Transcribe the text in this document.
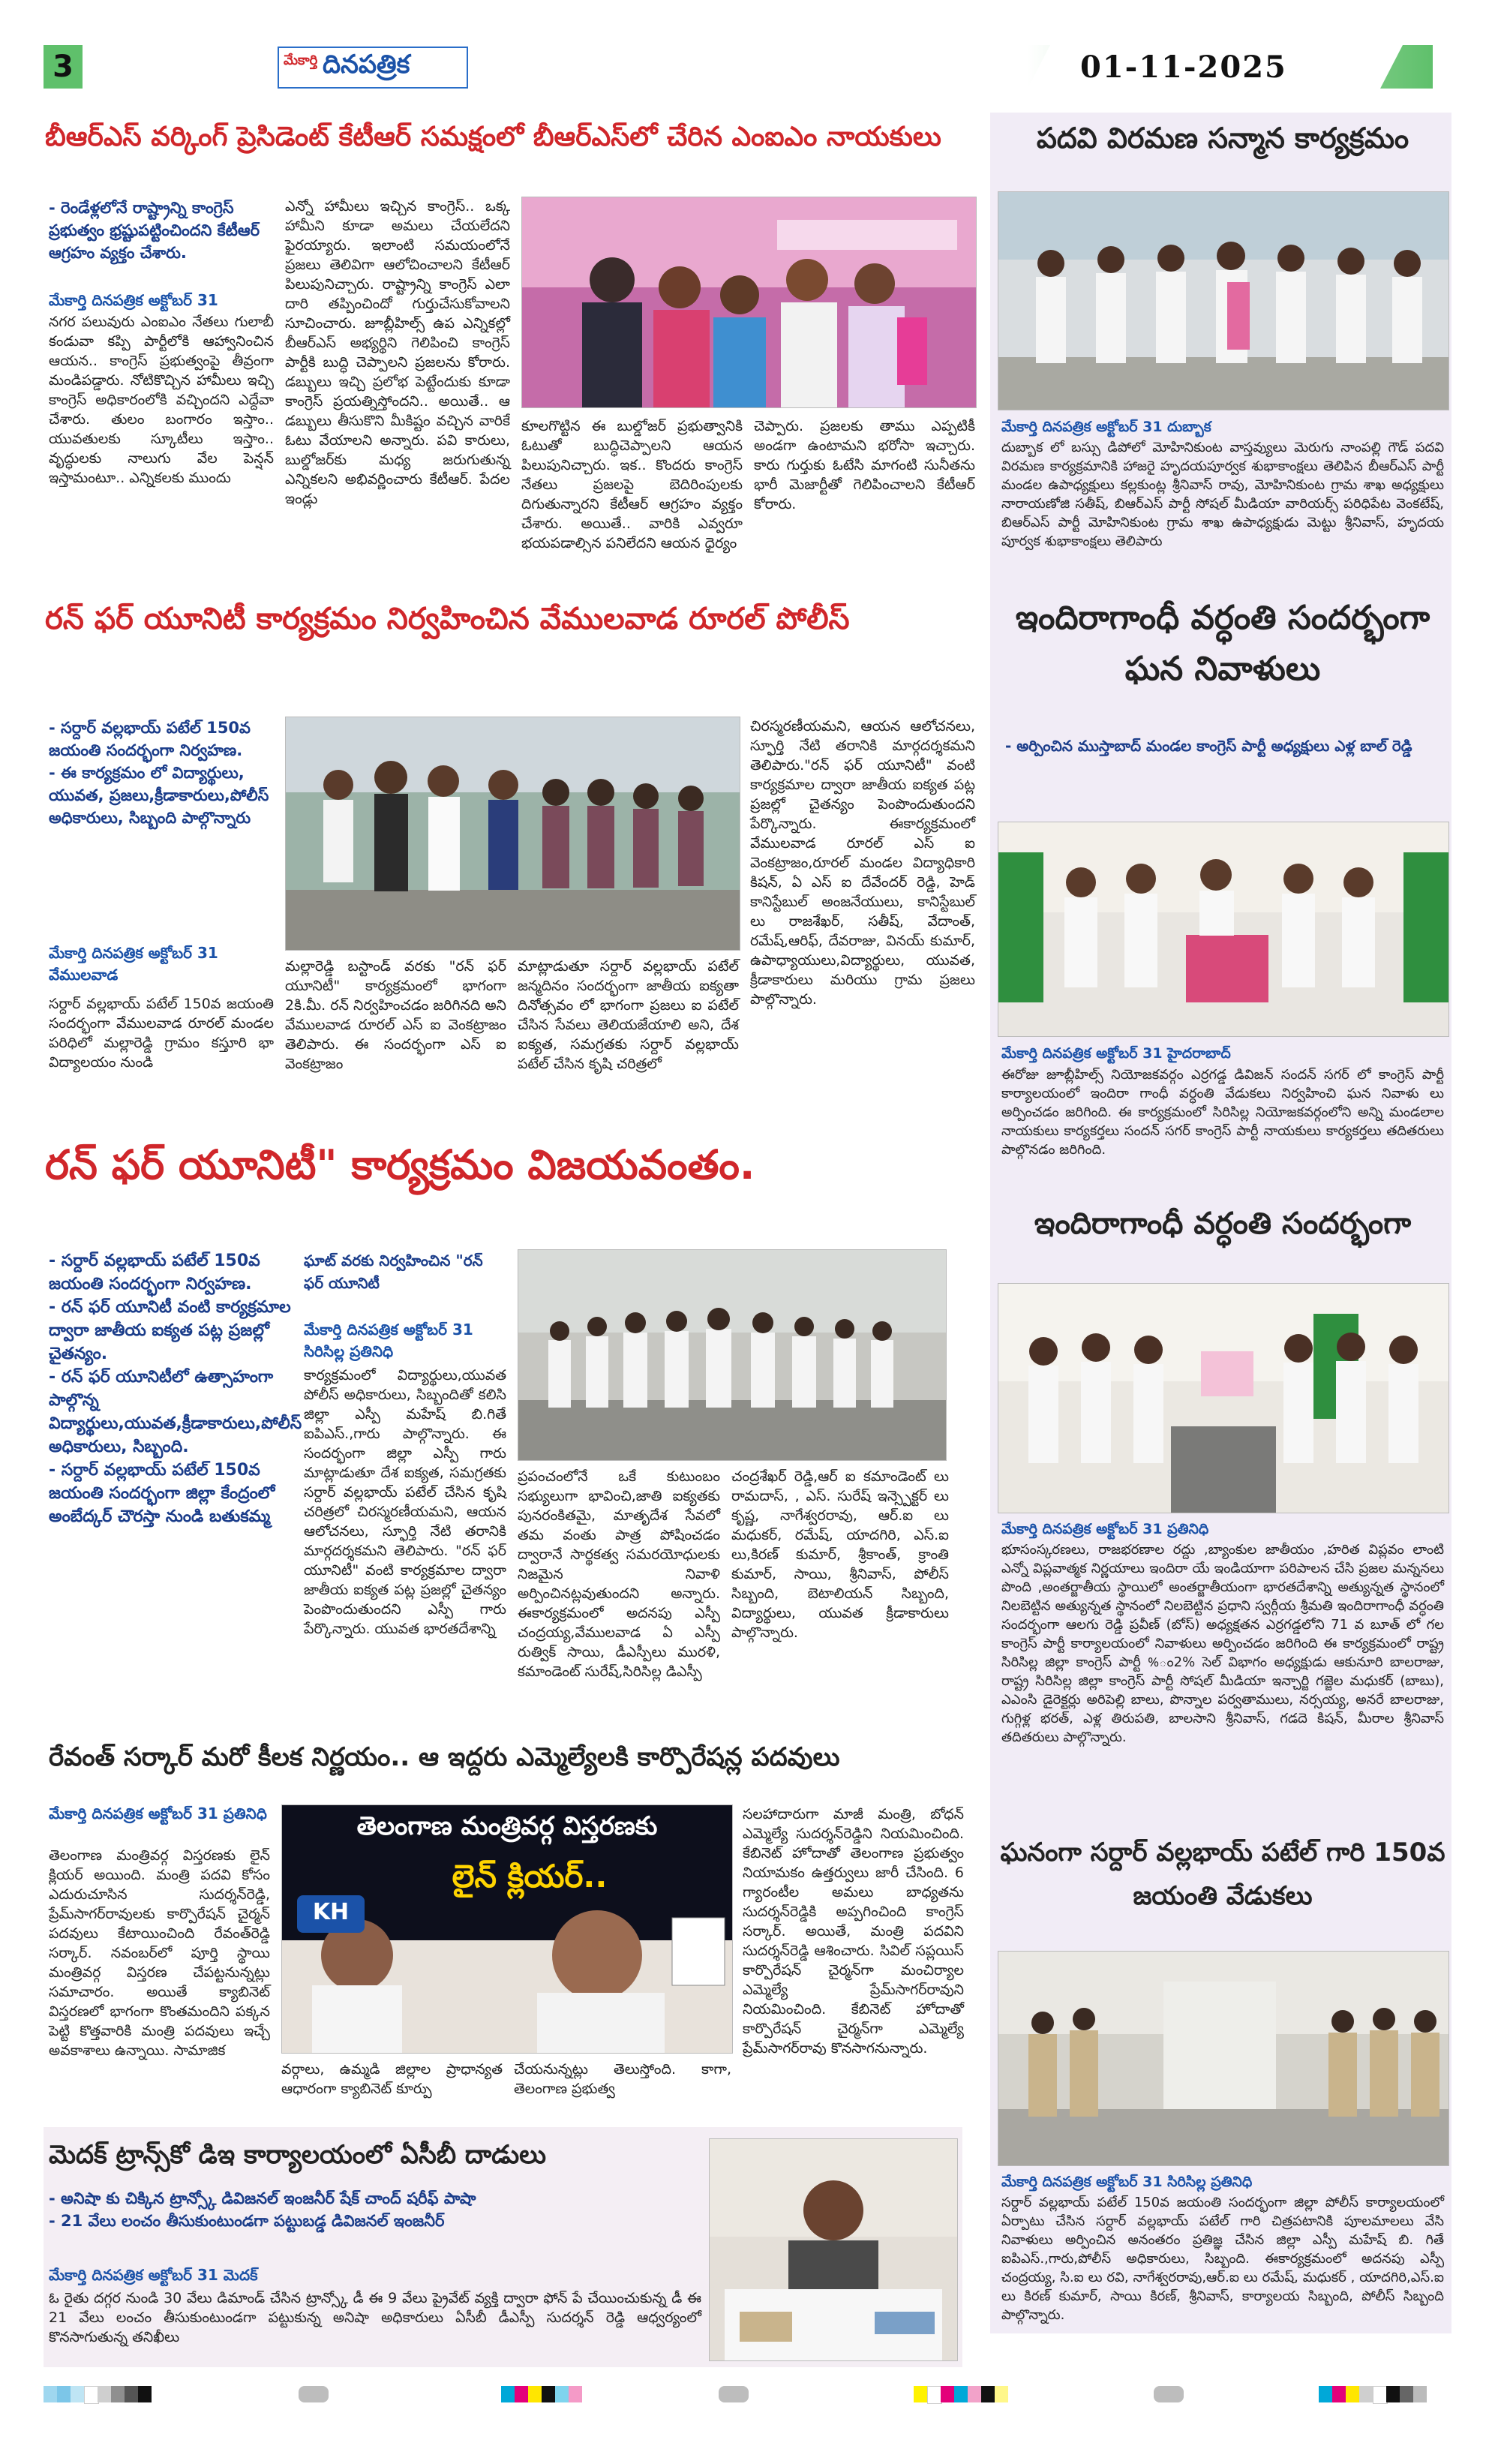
3	మేకార్తి దినపత్రిక	01-11-2025
బీఆర్ఎస్ వర్కింగ్ ప్రెసిడెంట్ కేటీఆర్ సమక్షంలో బీఆర్ఎస్‌లో చేరిన ఎంఐఎం నాయకులు
- రెండేళ్లలోనే రాష్ట్రాన్ని కాంగ్రెస్ ప్రభుత్వం భ్రష్టుపట్టించిందని కేటీఆర్ ఆగ్రహం వ్యక్తం చేశారు.
మేకార్తి దినపత్రిక అక్టోబర్ 31
నగర పలువురు ఎంఐఎం నేతలు గులాబీ కండువా కప్పి పార్టీలోకి ఆహ్వానించిన ఆయన.. కాంగ్రెస్ ప్రభుత్వంపై తీవ్రంగా మండిపడ్డారు. నోటికొచ్చిన హామీలు ఇచ్చి కాంగ్రెస్ అధికారంలోకి వచ్చిందని ఎద్దేవా చేశారు. తులం బంగారం ఇస్తాం.. యువతులకు స్కూటీలు ఇస్తాం.. వృద్ధులకు నాలుగు వేల పెన్షన్ ఇస్తామంటూ.. ఎన్నికలకు ముందు
ఎన్నో హామీలు ఇచ్చిన కాంగ్రెస్.. ఒక్క హామీని కూడా అమలు చేయలేదని ఫైరయ్యారు. ఇలాంటి సమయంలోనే ప్రజలు తెలివిగా ఆలోచించాలని కేటీఆర్ పిలుపునిచ్చారు. రాష్ట్రాన్ని కాంగ్రెస్ ఎలా దారి తప్పించిందో గుర్తుచేసుకోవాలని సూచించారు. జూబ్లీహిల్స్ ఉప ఎన్నికల్లో బీఆర్ఎస్ అభ్యర్థిని గెలిపించి కాంగ్రెస్ పార్టీకి బుద్ధి చెప్పాలని ప్రజలను కోరారు. డబ్బులు ఇచ్చి ప్రలోభ పెట్టేందుకు కూడా కాంగ్రెస్ ప్రయత్నిస్తోందని.. అయితే.. ఆ డబ్బులు తీసుకొని మీకిష్టం వచ్చిన వారికే ఓటు వేయాలని అన్నారు. పవి కారులు, బుల్డోజర్‌కు మధ్య జరుగుతున్న ఎన్నికలని అభివర్ణించారు కేటీఆర్. పేదల ఇండ్లు
కూలగొట్టిన ఈ బుల్డోజర్ ప్రభుత్వానికి ఓటుతో బుద్ధిచెప్పాలని ఆయన పిలుపునిచ్చారు. ఇక.. కొందరు కాంగ్రెస్ నేతలు ప్రజలపై బెదిరింపులకు దిగుతున్నారని కేటీఆర్ ఆగ్రహం వ్యక్తం చేశారు. అయితే.. వారికి ఎవ్వరూ భయపడాల్సిన పనిలేదని ఆయన ధైర్యం
చెప్పారు. ప్రజలకు తాము ఎప్పటికీ అండగా ఉంటామని భరోసా ఇచ్చారు. కారు గుర్తుకు ఓటేసి మాగంటి సునీతను భారీ మెజార్టీతో గెలిపించాలని కేటీఆర్ కోరారు.
రన్ ఫర్ యూనిటీ కార్యక్రమం నిర్వహించిన వేములవాడ రూరల్ పోలీస్
- సర్దార్ వల్లభాయ్ పటేల్ 150వ జయంతి సందర్భంగా నిర్వహణ.
- ఈ కార్యక్రమం లో విద్యార్థులు, యువత, ప్రజలు,క్రీడాకారులు,పోలీస్ అధికారులు, సిబ్బంది పాల్గొన్నారు
మేకార్తి దినపత్రిక అక్టోబర్ 31 వేములవాడ
సర్దార్ వల్లభాయ్ పటేల్ 150వ జయంతి సందర్భంగా వేములవాడ రూరల్ మండల పరిధిలో మల్లారెడ్డి గ్రామం కస్తూరి భా విద్యాలయం నుండి
మల్లారెడ్డి బస్టాండ్ వరకు "రన్ ఫర్ యూనిటీ" కార్యక్రమంలో భాగంగా 2కి.మీ. రన్ నిర్వహించడం జరిగినది అని వేములవాడ రూరల్ ఎస్ ఐ వెంకట్రాజం తెలిపారు. ఈ సందర్భంగా ఎస్ ఐ వెంకట్రాజం
మాట్లాడుతూ సర్దార్ వల్లభాయ్ పటేల్ జన్మదినం సందర్భంగా జాతీయ ఐక్యతా దినోత్సవం లో భాగంగా ప్రజలు ఐ పటేల్ చేసిన సేవలు తెలియజేయాలి అని, దేశ ఐక్యత, సమగ్రతకు సర్దార్ వల్లభాయ్ పటేల్ చేసిన కృషి చరిత్రలో
చిరస్మరణీయమని, ఆయన ఆలోచనలు, స్ఫూర్తి నేటి తరానికి మార్గదర్శకమని తెలిపారు."రన్ ఫర్ యూనిటీ" వంటి కార్యక్రమాల ద్వారా జాతీయ ఐక్యత పట్ల ప్రజల్లో చైతన్యం పెంపొందుతుందని పేర్కొన్నారు. ఈకార్యక్రమంలో వేములవాడ రూరల్ ఎస్ ఐ వెంకట్రాజం,రూరల్ మండల విద్యాధికారి కిషన్, ఏ ఎస్ ఐ దేవేందర్ రెడ్డి, హెడ్ కానిస్టేబుల్ అంజనేయులు, కానిస్టేబుల్ లు రాజశేఖర్, సతీష్, వేదాంత్, రమేష్,ఆరిఫ్, దేవరాజు, వినయ్ కుమార్, ఉపాధ్యాయులు,విద్యార్థులు, యువత, క్రీడాకారులు మరియు గ్రామ ప్రజలు పాల్గొన్నారు.
రన్ ఫర్ యూనిటీ" కార్యక్రమం విజయవంతం.
- సర్దార్ వల్లభాయ్ పటేల్ 150వ జయంతి సందర్భంగా నిర్వహణ.
- రన్ ఫర్ యూనిటీ వంటి కార్యక్రమాల ద్వారా జాతీయ ఐక్యత పట్ల ప్రజల్లో చైతన్యం.
- రన్ ఫర్ యూనిటీలో ఉత్సాహంగా పాల్గొన్న విద్యార్థులు,యువత,క్రీడాకారులు,పోలీస్ అధికారులు, సిబ్బంది.
- సర్దార్ వల్లభాయ్ పటేల్ 150వ జయంతి సందర్భంగా జిల్లా కేంద్రంలో అంబేద్కర్ చౌరస్తా నుండి బతుకమ్మ
ఘాట్ వరకు నిర్వహించిన "రన్ ఫర్ యూనిటీ
మేకార్తి దినపత్రిక అక్టోబర్ 31 సిరిసిల్ల ప్రతినిధి
కార్యక్రమంలో విద్యార్థులు,యువత పోలీస్ అధికారులు, సిబ్బందితో కలిసి జిల్లా ఎస్పీ మహేష్ బి.గితే ఐపిఎస్.,గారు పాల్గొన్నారు. ఈ సందర్భంగా జిల్లా ఎస్పీ గారు మాట్లాడుతూ దేశ ఐక్యత, సమగ్రతకు సర్దార్ వల్లభాయ్ పటేల్ చేసిన కృషి చరిత్రలో చిరస్మరణీయమని, ఆయన ఆలోచనలు, స్ఫూర్తి నేటి తరానికి మార్గదర్శకమని తెలిపారు. "రన్ ఫర్ యూనిటీ" వంటి కార్యక్రమాల ద్వారా జాతీయ ఐక్యత పట్ల ప్రజల్లో చైతన్యం పెంపొందుతుందని ఎస్పీ గారు పేర్కొన్నారు. యువత భారతదేశాన్ని
ప్రపంచంలోనే ఒకే కుటుంబం సభ్యులుగా భావించి,జాతి ఐక్యతకు పునరంకితమై, మాతృదేశ సేవలో తమ వంతు పాత్ర పోషించడం ద్వారానే సార్థకత్వ సమరయోధులకు నిజమైన నివాళి అర్పించినట్లవుతుందని అన్నారు. ఈకార్యక్రమంలో అదనపు ఎస్పీ చంద్రయ్య,వేములవాడ ఏ ఎస్పీ రుత్విక్ సాయి, డీఎస్పీలు మురళి, కమాండెంట్ సురేష్,సిరిసిల్ల డిఎస్పీ
చంద్రశేఖర్ రెడ్డి,ఆర్ ఐ కమాండెంట్ లు రామదాస్, , ఎస్. సురేష్ ఇన్స్పెక్టర్ లు కృష్ణ, నాగేశ్వరరావు, ఆర్.ఐ లు మధుకర్, రమేష్, యాదగిరి, ఎస్.ఐ లు,కిరణ్ కుమార్, శ్రీకాంత్, క్రాంతి కుమార్, సాయి, శ్రీనివాస్, పోలీస్ సిబ్బంది, బెటాలియన్ సిబ్బంది, విద్యార్థులు, యువత క్రీడాకారులు పాల్గొన్నారు.
రేవంత్ సర్కార్ మరో కీలక నిర్ణయం.. ఆ ఇద్దరు ఎమ్మెల్యేలకి కార్పొరేషన్ల పదవులు
మేకార్తి దినపత్రిక అక్టోబర్ 31 ప్రతినిధి
తెలంగాణ మంత్రివర్గ విస్తరణకు లైన్ క్లియర్ అయింది. మంత్రి పదవి కోసం ఎదురుచూసిన సుదర్శన్‌రెడ్డి, ప్రేమ్‌సాగర్‌రావులకు కార్పొరేషన్ చైర్మన్ పదవులు కేటాయించింది రేవంత్‌రెడ్డి సర్కార్. నవంబర్‌లో పూర్తి స్థాయి మంత్రివర్గ విస్తరణ చేపట్టనున్నట్లు సమాచారం. అయితే క్యాబినెట్ విస్తరణలో భాగంగా కొంతమందిని పక్కన పెట్టి కొత్తవారికి మంత్రి పదవులు ఇచ్చే అవకాశాలు ఉన్నాయి. సామాజిక
తెలంగాణ మంత్రివర్గ విస్తరణకు
లైన్ క్లియర్..
KH
వర్గాలు, ఉమ్మడి జిల్లాల ప్రాధాన్యత ఆధారంగా క్యాబినెట్ కూర్పు
చేయనున్నట్లు తెలుస్తోంది. కాగా, తెలంగాణ ప్రభుత్వ
సలహాదారుగా మాజీ మంత్రి, బోధన్ ఎమ్మెల్యే సుదర్శన్‌రెడ్డిని నియమించింది. కేబినెట్ హోదాతో తెలంగాణ ప్రభుత్వం నియామకం ఉత్తర్వులు జారీ చేసింది. 6 గ్యారంటీల అమలు బాధ్యతను సుదర్శన్‌రెడ్డికి అప్పగించింది కాంగ్రెస్ సర్కార్. అయితే, మంత్రి పదవిని సుదర్శన్‌రెడ్డి ఆశించారు. సివిల్ సప్లయిస్ కార్పొరేషన్ చైర్మన్‌గా మంచిర్యాల ఎమ్మెల్యే ప్రేమ్‌సాగర్‌రావుని నియమించింది. కేబినెట్ హోదాతో కార్పొరేషన్ చైర్మన్‌గా ఎమ్మెల్యే ప్రేమ్‌సాగర్‌రావు కొనసాగనున్నారు.
మెదక్ ట్రాన్స్‌కో డిఇ కార్యాలయంలో ఏసీబీ దాడులు
- అనిషా కు చిక్కిన ట్రాన్స్కో డివిజనల్ ఇంజనీర్ షేక్ చాంద్ షరీఫ్ పాషా
- 21 వేలు లంచం తీసుకుంటుండగా పట్టుబడ్డ డివిజనల్ ఇంజనీర్
మేకార్తి దినపత్రిక అక్టోబర్ 31 మెదక్
ఓ రైతు దగ్గర నుండి 30 వేలు డిమాండ్ చేసిన ట్రాన్స్కో డీ ఈ 9 వేలు ప్రైవేట్ వ్యక్తి ద్వారా ఫోన్ పే చేయించుకున్న డీ ఈ 21 వేలు లంచం తీసుకుంటుండగా పట్టుకున్న అనిషా అధికారులు ఏసీబీ డీఎస్పీ సుదర్శన్ రెడ్డి ఆధ్వర్యంలో కొనసాగుతున్న తనిఖీలు
పదవి విరమణ సన్మాన కార్యక్రమం
మేకార్తి దినపత్రిక అక్టోబర్ 31 దుబ్బాక
దుబ్బాక లో బస్సు డిపోలో మోహినికుంట వాస్తవ్యులు మెరుగు నాంపల్లి గౌడ్ పదవి విరమణ కార్యక్రమానికి హాజరై హృదయపూర్వక శుభాకాంక్షలు తెలిపిన బీఆర్ఎస్ పార్టీ మండల ఉపాధ్యక్షులు కల్లకుంట్ల శ్రీనివాస్ రావు, మోహినికుంట గ్రామ శాఖ అధ్యక్షులు నారాయణోజి సతీష్, బిఆర్ఎస్ పార్టీ సోషల్ మీడియా వారియర్స్ పరిధిపేట వెంకటేష్, బిఆర్ఎస్ పార్టీ మోహినికుంట గ్రామ శాఖ ఉపాధ్యక్షుడు మెట్టు శ్రీనివాస్, హృదయ పూర్వక శుభాకాంక్షలు తెలిపారు
ఇందిరాగాంధీ వర్ధంతి సందర్భంగా ఘన నివాళులు
- అర్పించిన ముస్తాబాద్ మండల కాంగ్రెస్ పార్టీ అధ్యక్షులు ఎళ్ల బాల్ రెడ్డి
మేకార్తి దినపత్రిక అక్టోబర్ 31 హైదరాబాద్
ఈరోజు జూబ్లీహిల్స్ నియోజకవర్గం ఎర్రగడ్డ డివిజన్ సందన్ సగర్ లో కాంగ్రెస్ పార్టీ కార్యాలయంలో ఇందిరా గాంధీ వర్ధంతి వేడుకలు నిర్వహించి ఘన నివాళు లు అర్పించడం జరిగింది. ఈ కార్యక్రమంలో సిరిసిల్ల నియోజకవర్గంలోని అన్ని మండలాల నాయకులు కార్యకర్తలు సందన్ సగర్ కాంగ్రెస్ పార్టీ నాయకులు కార్యకర్తలు తదితరులు పాల్గొనడం జరిగింది.
ఇందిరాగాంధీ వర్ధంతి సందర్భంగా
మేకార్తి దినపత్రిక అక్టోబర్ 31 ప్రతినిధి
భూసంస్కరణలు, రాజభరణాల రద్దు ,బ్యాంకుల జాతీయం ,హరిత విప్లవం లాంటి ఎన్నో విప్లవాత్మక నిర్ణయాలు ఇందిరా యే ఇండియాగా పరిపాలన చేసి ప్రజల మన్ననలు పొంది ,అంతర్జాతీయ స్థాయిలో అంతర్జాతీయంగా భారతదేశాన్ని అత్యున్నత స్థానంలో నిలబెట్టిన అత్యున్నత స్థానంలో నిలబెట్టిన ప్రధాని స్వర్గీయ శ్రీమతి ఇందిరాగాంధీ వర్ధంతి సందర్భంగా ఆలగు రెడ్డి ప్రవీణ్ (బోస్) అధ్యక్షతన ఎర్రగడ్డలోని 71 వ బూత్ లో గల కాంగ్రెస్ పార్టీ కార్యాలయంలో నివాళులు అర్పించడం జరిగింది ఈ కార్యక్రమంలో రాష్ట్ర సిరిసిల్ల జిల్లా కాంగ్రెస్ పార్టీ %ం2% సెల్ విభాగం అధ్యక్షుడు ఆకునూరి బాలరాజు, రాష్ట్ర సిరిసిల్ల జిల్లా కాంగ్రెస్ పార్టీ సోషల్ మీడియా ఇన్చార్జి గజ్జెల మధుకర్ (బాబు), ఎఎంసి డైరెక్టర్లు అరిపెల్లి బాలు, పొన్నాల పర్వతాములు, నర్సయ్య, అనరే బాలరాజు, గుగ్గిళ్ల భరత్, ఎళ్ల తిరుపతి, బాలసాని శ్రీనివాస్, గడదె కిషన్, మీరాల శ్రీనివాస్ తదితరులు పాల్గొన్నారు.
ఘనంగా సర్దార్ వల్లభాయ్ పటేల్ గారి 150వ జయంతి వేడుకలు
మేకార్తి దినపత్రిక అక్టోబర్ 31 సిరిసిల్ల ప్రతినిధి
సర్దార్ వల్లభాయ్ పటేల్ 150వ జయంతి సందర్భంగా జిల్లా పోలీస్ కార్యాలయంలో ఏర్పాటు చేసిన సర్దార్ వల్లభాయ్ పటేల్ గారి చిత్రపటానికి పూలమాలలు వేసి నివాళులు అర్పించిన అనంతరం ప్రతిజ్ఞ చేసిన జిల్లా ఎస్పీ మహేష్ బి. గితే ఐపిఎస్.,గారు,పోలీస్ అధికారులు, సిబ్బంది. ఈకార్యక్రమంలో అదనపు ఎస్పీ చంద్రయ్య, సి.ఐ లు రవి, నాగేశ్వరరావు,ఆర్.ఐ లు రమేష్, మధుకర్ , యాదగిరి,ఎస్.ఐ లు కిరణ్ కుమార్, సాయి కిరణ్, శ్రీనివాస్, కార్యాలయ సిబ్బంది, పోలీస్ సిబ్బంది పాల్గొన్నారు.
